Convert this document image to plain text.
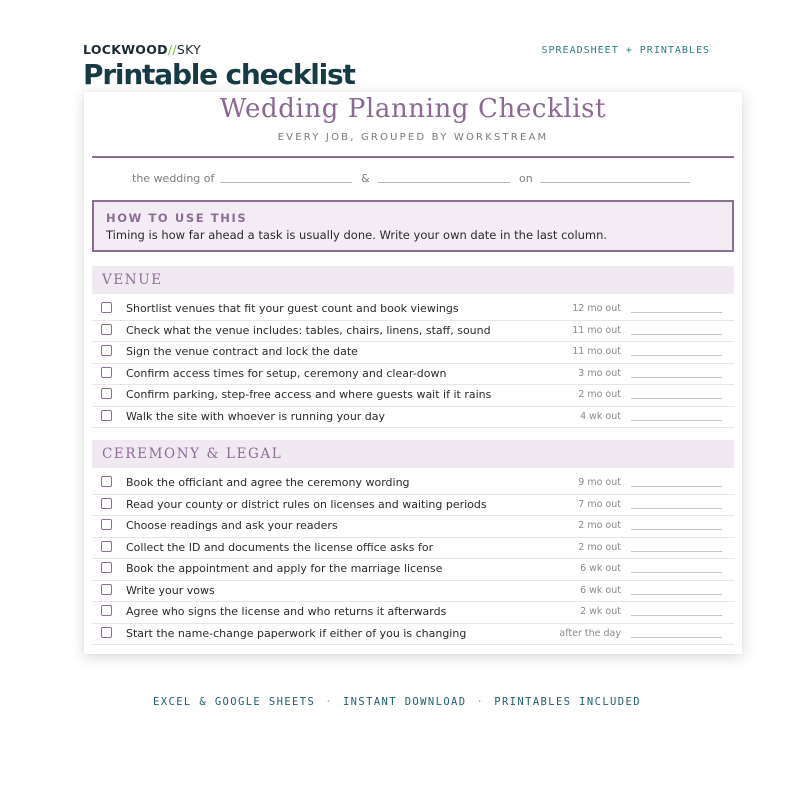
LOCKWOOD//SKY
Printable checklist
SPREADSHEET + PRINTABLES
Wedding Planning Checklist
EVERY JOB, GROUPED BY WORKSTREAM
the wedding of	&	on
HOW TO USE THIS
Timing is how far ahead a task is usually done. Write your own date in the last column.
VENUE
Shortlist venues that fit your guest count and book viewings	12 mo out
Check what the venue includes: tables, chairs, linens, staff, sound	11 mo out
Sign the venue contract and lock the date	11 mo out
Confirm access times for setup, ceremony and clear-down	3 mo out
Confirm parking, step-free access and where guests wait if it rains	2 mo out
Walk the site with whoever is running your day	4 wk out
CEREMONY & LEGAL
Book the officiant and agree the ceremony wording	9 mo out
Read your county or district rules on licenses and waiting periods	7 mo out
Choose readings and ask your readers	2 mo out
Collect the ID and documents the license office asks for	2 mo out
Book the appointment and apply for the marriage license	6 wk out
Write your vows	6 wk out
Agree who signs the license and who returns it afterwards	2 wk out
Start the name-change paperwork if either of you is changing	after the day
EXCEL & GOOGLE SHEETS · INSTANT DOWNLOAD · PRINTABLES INCLUDED
